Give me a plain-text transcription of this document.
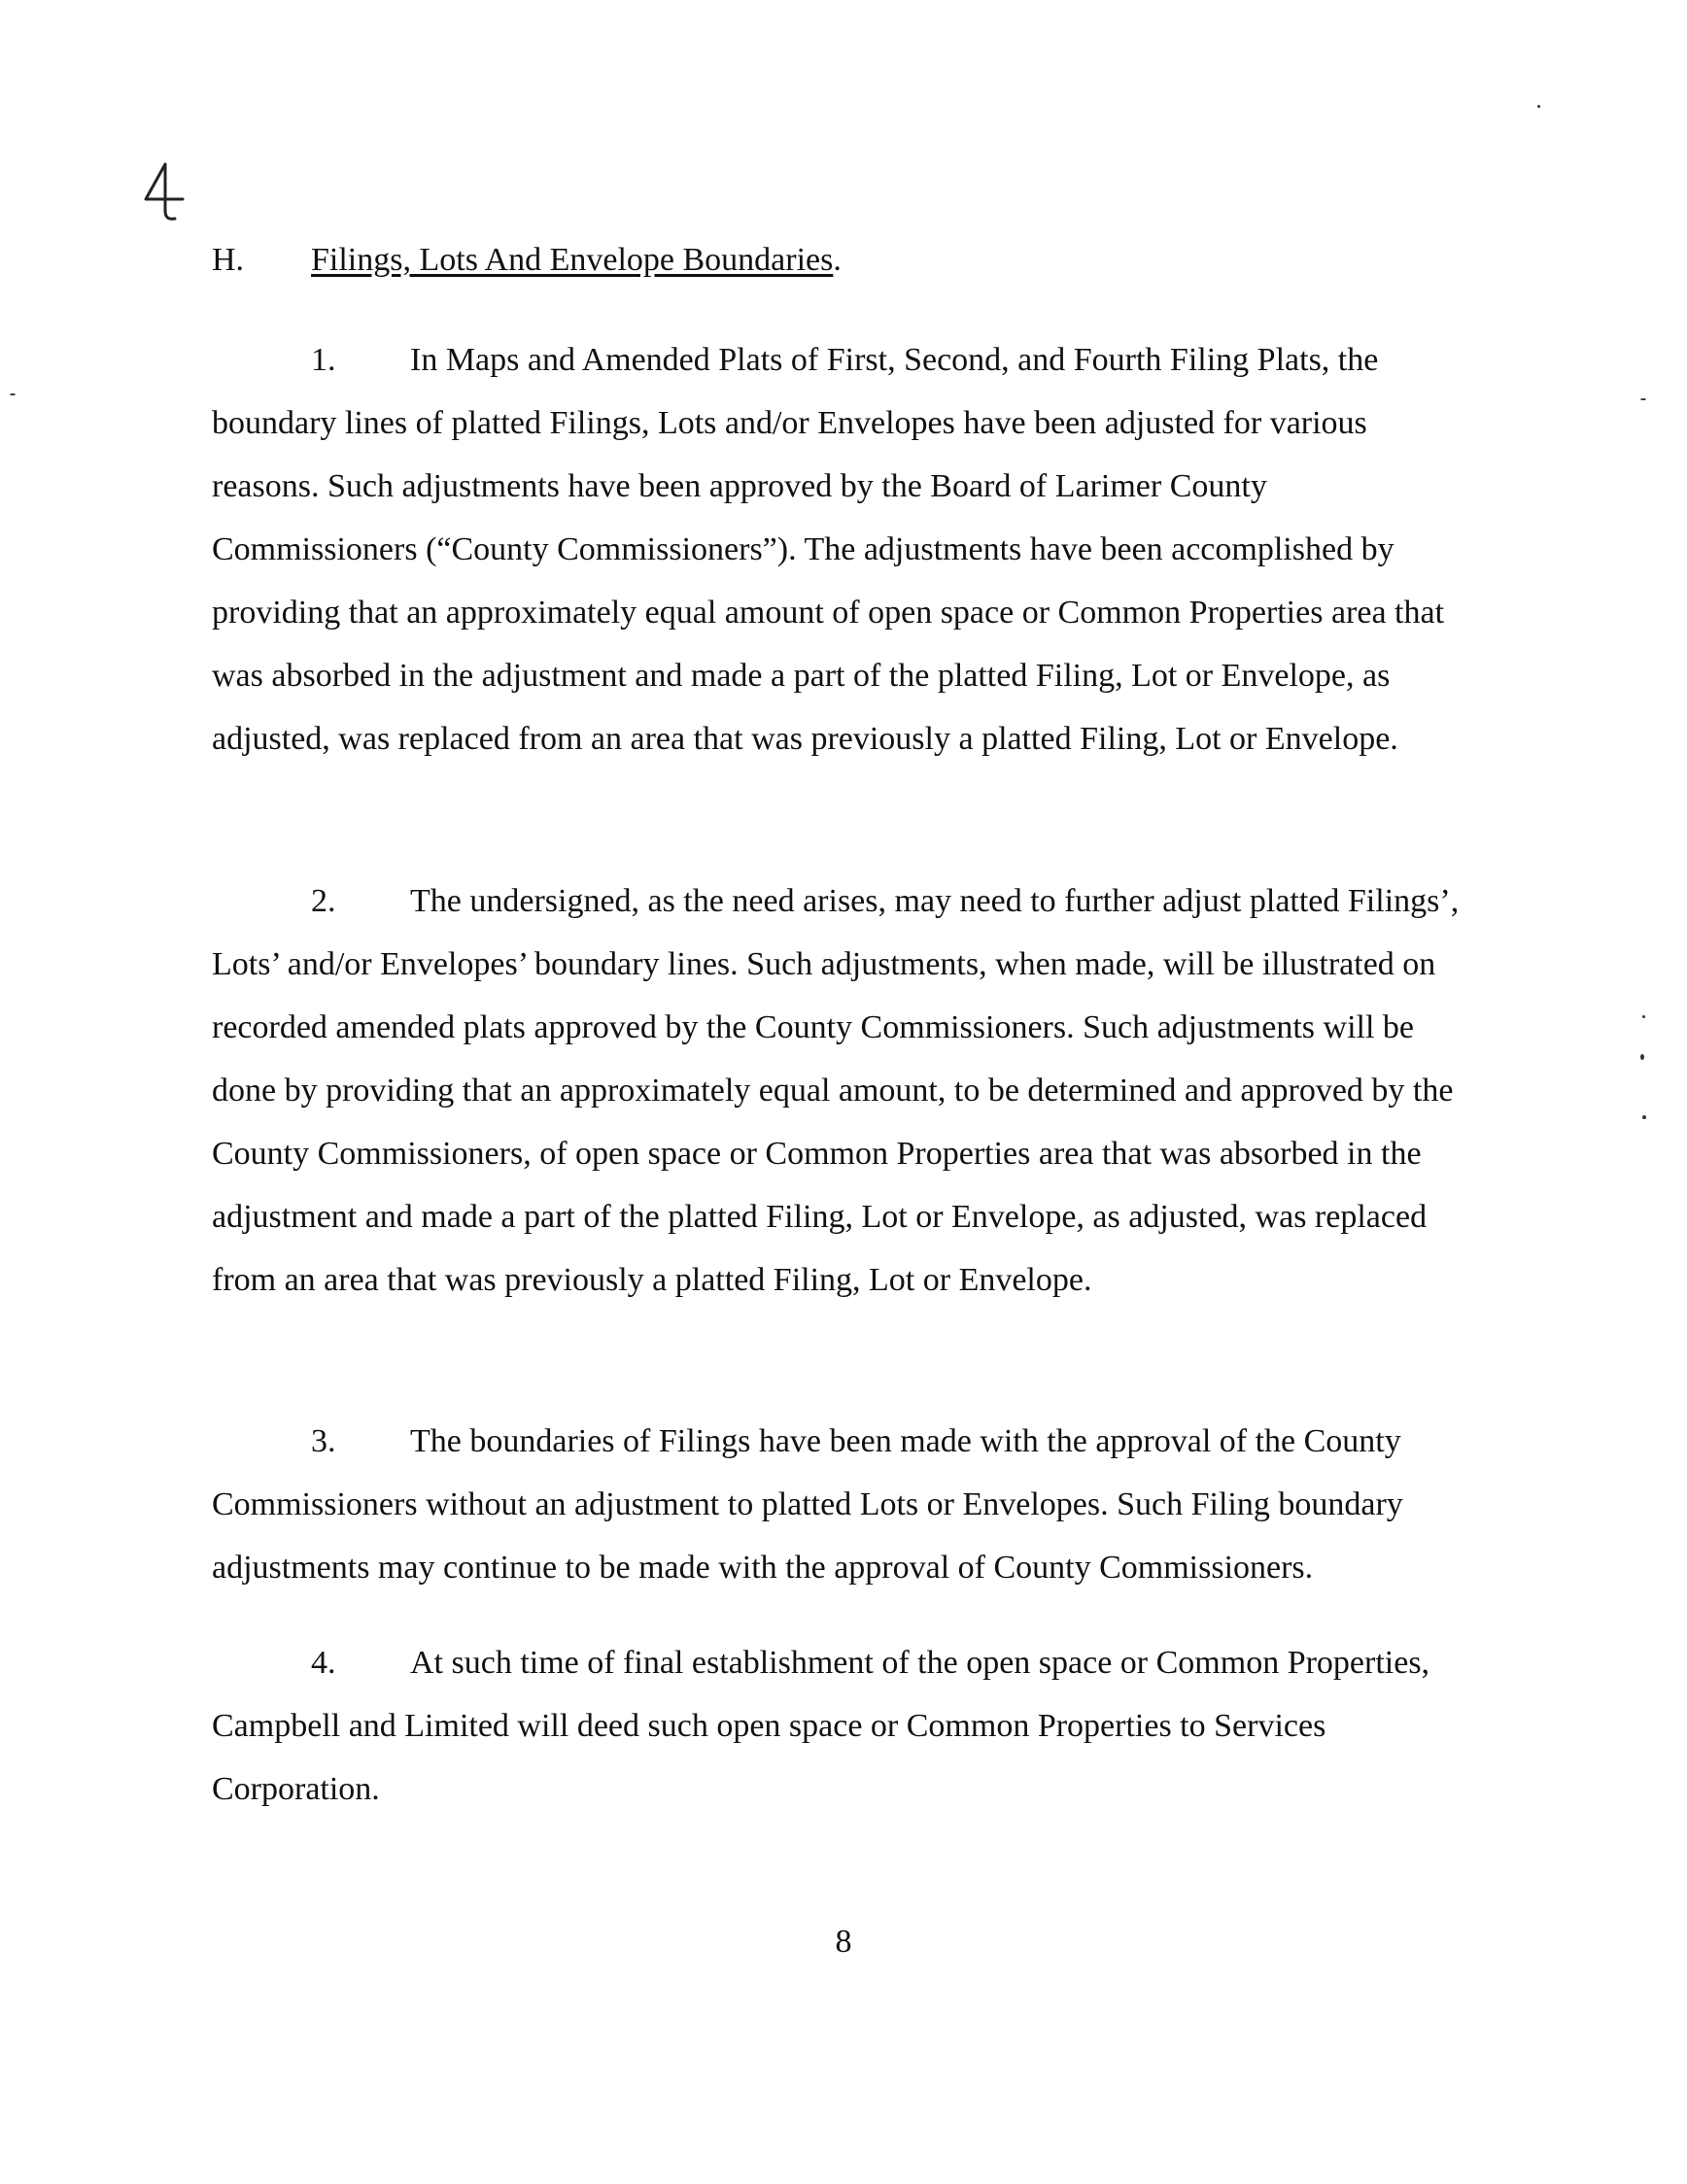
H. Filings, Lots And Envelope Boundaries.

1. In Maps and Amended Plats of First, Second, and Fourth Filing Plats, the boundary lines of platted Filings, Lots and/or Envelopes have been adjusted for various reasons. Such adjustments have been approved by the Board of Larimer County Commissioners (“County Commissioners”). The adjustments have been accomplished by providing that an approximately equal amount of open space or Common Properties area that was absorbed in the adjustment and made a part of the platted Filing, Lot or Envelope, as adjusted, was replaced from an area that was previously a platted Filing, Lot or Envelope.

2. The undersigned, as the need arises, may need to further adjust platted Filings’, Lots’ and/or Envelopes’ boundary lines. Such adjustments, when made, will be illustrated on recorded amended plats approved by the County Commissioners. Such adjustments will be done by providing that an approximately equal amount, to be determined and approved by the County Commissioners, of open space or Common Properties area that was absorbed in the adjustment and made a part of the platted Filing, Lot or Envelope, as adjusted, was replaced from an area that was previously a platted Filing, Lot or Envelope.

3. The boundaries of Filings have been made with the approval of the County Commissioners without an adjustment to platted Lots or Envelopes. Such Filing boundary adjustments may continue to be made with the approval of County Commissioners.

4. At such time of final establishment of the open space or Common Properties, Campbell and Limited will deed such open space or Common Properties to Services Corporation.

8
